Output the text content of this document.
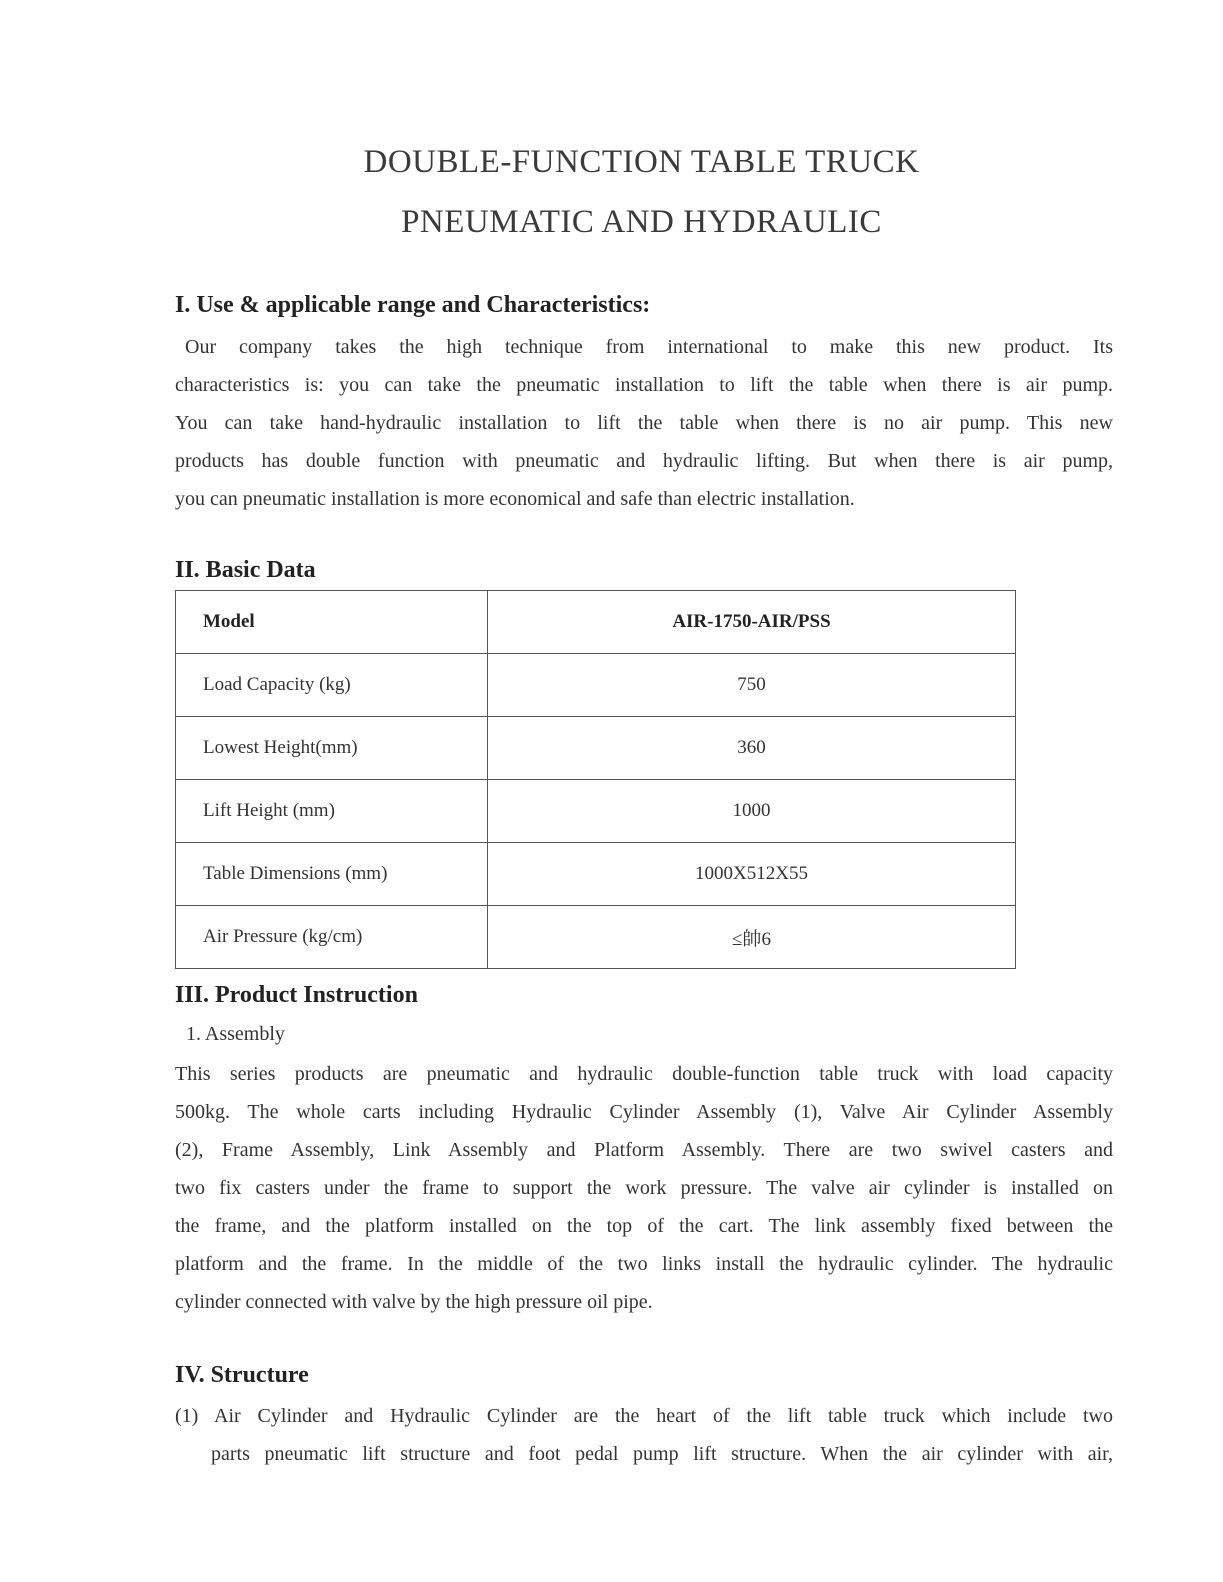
DOUBLE-FUNCTION TABLE TRUCK
PNEUMATIC AND HYDRAULIC
I. Use & applicable range and Characteristics:
Our company takes the high technique from international to make this new product. Its
characteristics is: you can take the pneumatic installation to lift the table when there is air pump.
You can take hand-hydraulic installation to lift the table when there is no air pump. This new
products has double function with pneumatic and hydraulic lifting. But when there is air pump,
you can pneumatic installation is more economical and safe than electric installation.
II. Basic Data
Model	AIR-1750-AIR/PSS
Load Capacity (kg)	750
Lowest Height(mm)	360
Lift Height (mm)	1000
Table Dimensions (mm)	1000X512X55
Air Pressure (kg/cm)	≤帥6
III. Product Instruction
1. Assembly
This series products are pneumatic and hydraulic double-function table truck with load capacity
500kg. The whole carts including Hydraulic Cylinder Assembly (1), Valve Air Cylinder Assembly
(2), Frame Assembly, Link Assembly and Platform Assembly. There are two swivel casters and
two fix casters under the frame to support the work pressure. The valve air cylinder is installed on
the frame, and the platform installed on the top of the cart. The link assembly fixed between the
platform and the frame. In the middle of the two links install the hydraulic cylinder. The hydraulic
cylinder connected with valve by the high pressure oil pipe.
IV. Structure
(1) Air Cylinder and Hydraulic Cylinder are the heart of the lift table truck which include two
parts pneumatic lift structure and foot pedal pump lift structure. When the air cylinder with air,
